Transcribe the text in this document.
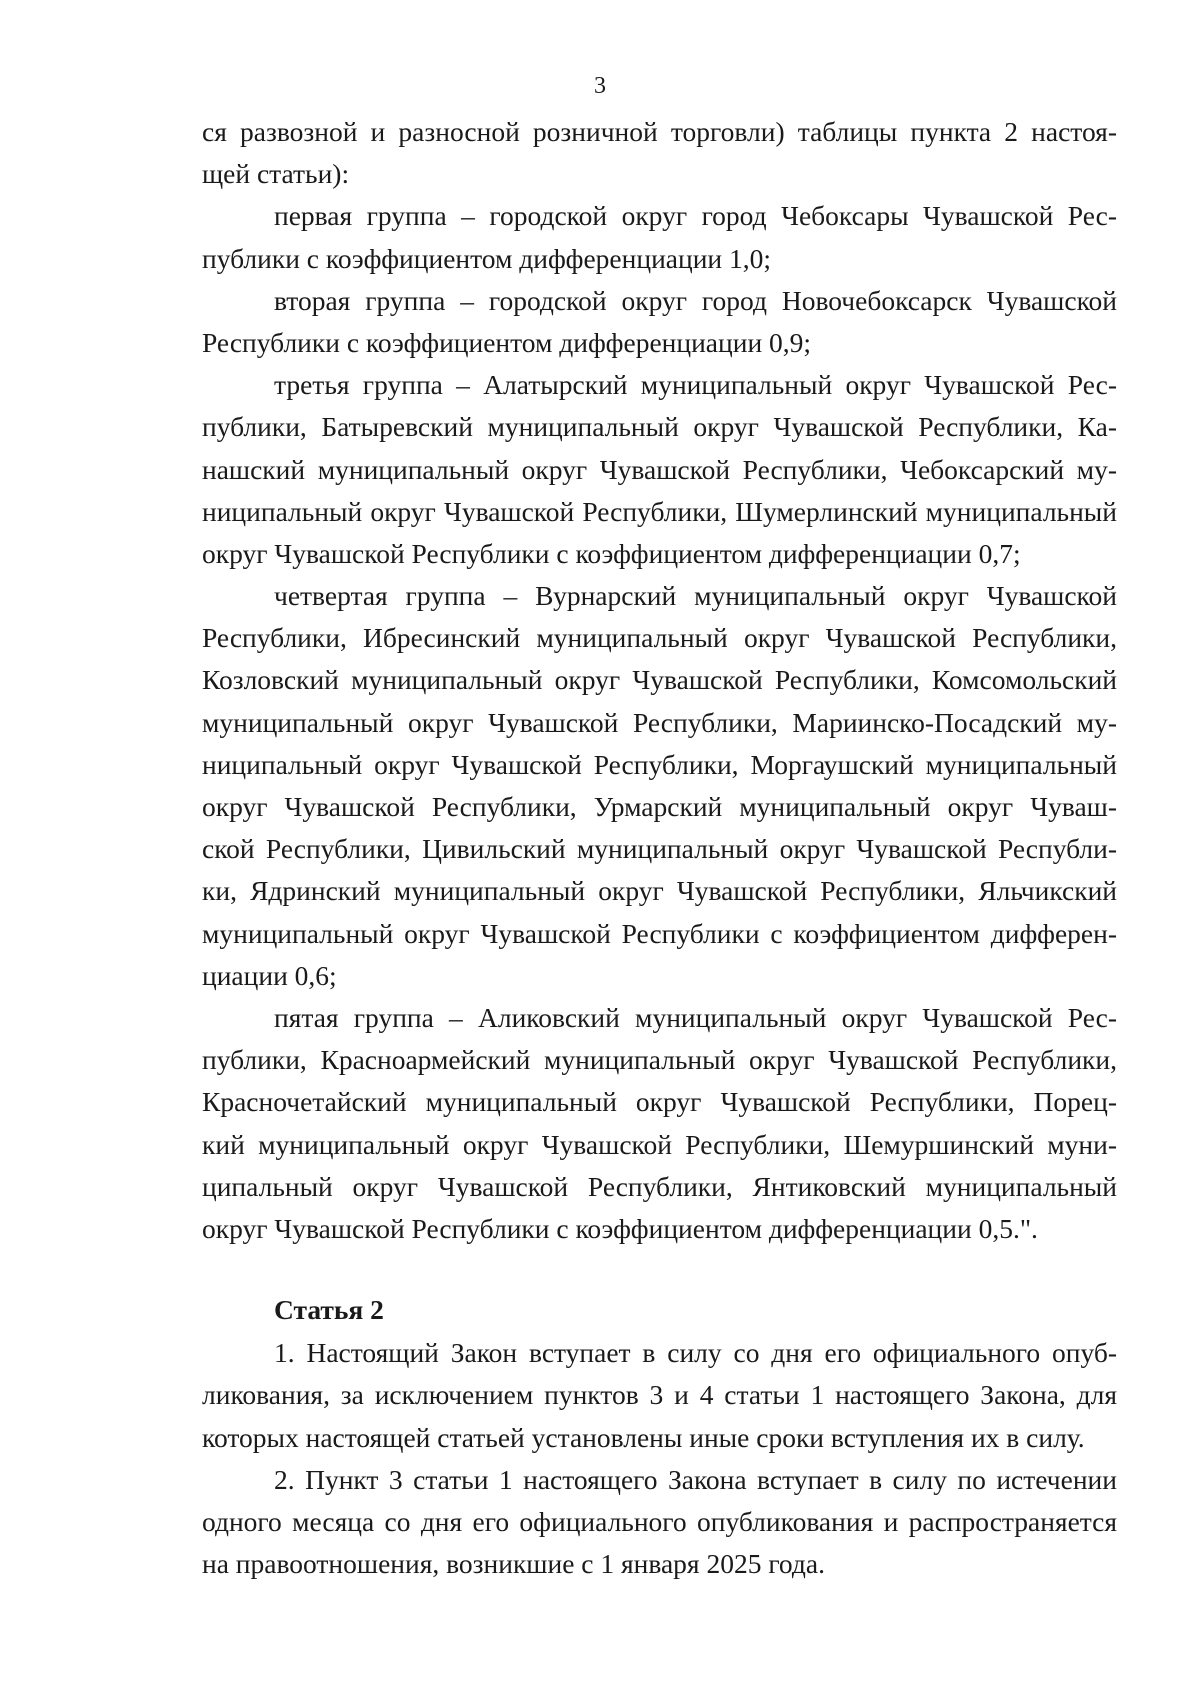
3
ся развозной и разносной розничной торговли) таблицы пункта 2 настоя-
щей статьи):
первая группа – городской округ город Чебоксары Чувашской Рес-
публики с коэффициентом дифференциации 1,0;
вторая группа – городской округ город Новочебоксарск Чувашской
Республики с коэффициентом дифференциации 0,9;
третья группа – Алатырский муниципальный округ Чувашской Рес-
публики, Батыревский муниципальный округ Чувашской Республики, Ка-
нашский муниципальный округ Чувашской Республики, Чебоксарский му-
ниципальный округ Чувашской Республики, Шумерлинский муниципальный
округ Чувашской Республики с коэффициентом дифференциации 0,7;
четвертая группа – Вурнарский муниципальный округ Чувашской
Республики, Ибресинский муниципальный округ Чувашской Республики,
Козловский муниципальный округ Чувашской Республики, Комсомольский
муниципальный округ Чувашской Республики, Мариинско-Посадский му-
ниципальный округ Чувашской Республики, Моргаушский муниципальный
округ Чувашской Республики, Урмарский муниципальный округ Чуваш-
ской Республики, Цивильский муниципальный округ Чувашской Республи-
ки, Ядринский муниципальный округ Чувашской Республики, Яльчикский
муниципальный округ Чувашской Республики с коэффициентом дифферен-
циации 0,6;
пятая группа – Аликовский муниципальный округ Чувашской Рес-
публики, Красноармейский муниципальный округ Чувашской Республики,
Красночетайский муниципальный округ Чувашской Республики, Порец-
кий муниципальный округ Чувашской Республики, Шемуршинский муни-
ципальный округ Чувашской Республики, Янтиковский муниципальный
округ Чувашской Республики с коэффициентом дифференциации 0,5.".
Статья 2
1. Настоящий Закон вступает в силу со дня его официального опуб-
ликования, за исключением пунктов 3 и 4 статьи 1 настоящего Закона, для
которых настоящей статьей установлены иные сроки вступления их в силу.
2. Пункт 3 статьи 1 настоящего Закона вступает в силу по истечении
одного месяца со дня его официального опубликования и распространяется
на правоотношения, возникшие с 1 января 2025 года.
